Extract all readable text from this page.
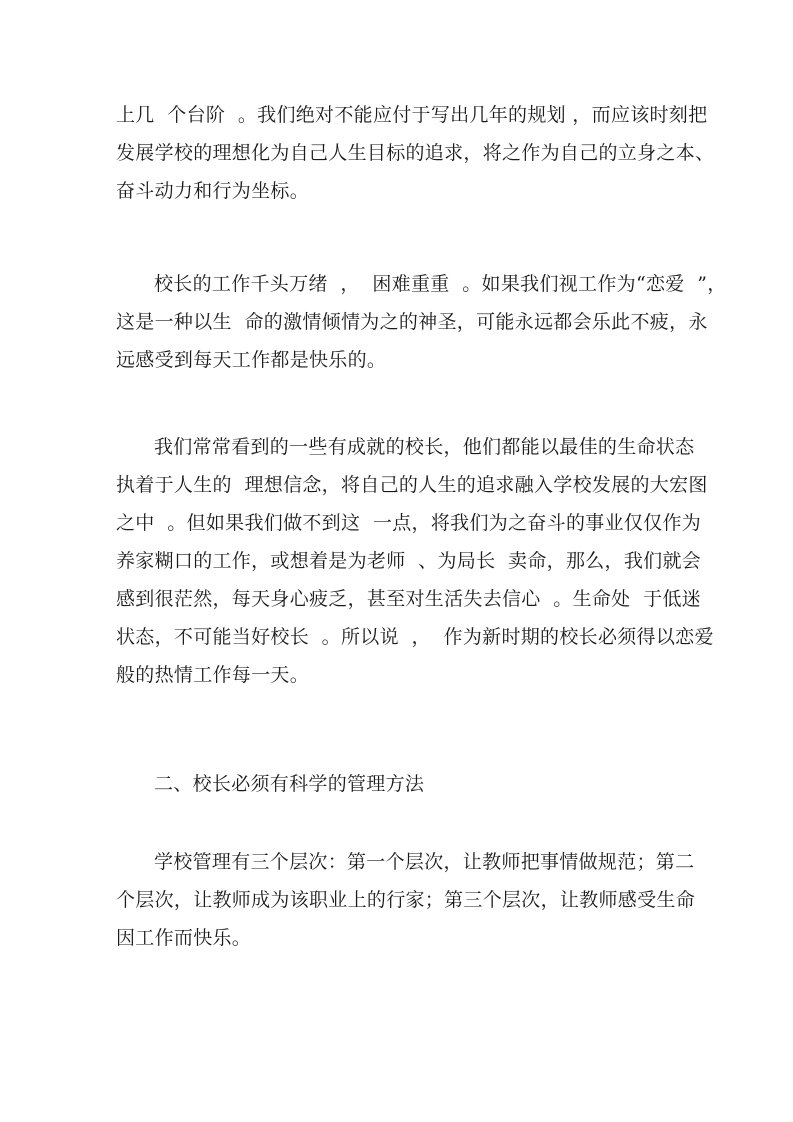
上几  个台阶  。我们绝对不能应付于写出几年的规划 ，而应该时刻把
发展学校的理想化为自己人生目标的追求，将之作为自己的立身之本、
奋斗动力和行为坐标。
校长的工作千头万绪  ，  困难重重  。如果我们视工作为“恋爱  ”，
这是一种以生  命的激情倾情为之的神圣，可能永远都会乐此不疲，永
远感受到每天工作都是快乐的。
我们常常看到的一些有成就的校长，他们都能以最佳的生命状态
执着于人生的  理想信念，将自己的人生的追求融入学校发展的大宏图
之中  。但如果我们做不到这  一点，将我们为之奋斗的事业仅仅作为
养家糊口的工作，或想着是为老师  、为局长  卖命，那么，我们就会
感到很茫然，每天身心疲乏，甚至对生活失去信心  。生命处  于低迷
状态，不可能当好校长  。所以说  ，  作为新时期的校长必须得以恋爱
般的热情工作每一天。
二、校长必须有科学的管理方法
学校管理有三个层次：第一个层次，让教师把事情做规范；第二
个层次，让教师成为该职业上的行家；第三个层次，让教师感受生命
因工作而快乐。
